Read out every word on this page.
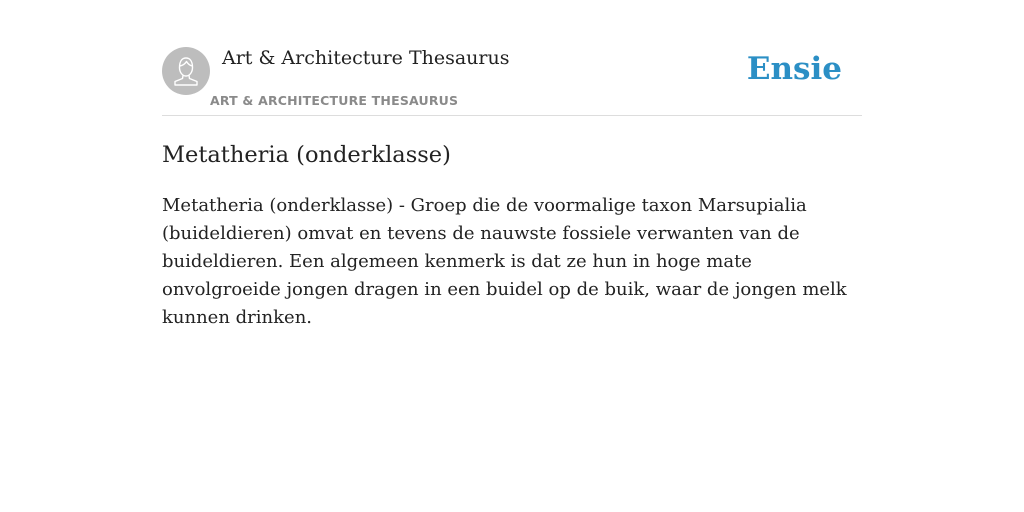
Art & Architecture Thesaurus
ART & ARCHITECTURE THESAURUS
Ensie
Metatheria (onderklasse)

Metatheria (onderklasse) - Groep die de voormalige taxon Marsupialia (buideldieren) omvat en tevens de nauwste fossiele verwanten van de buideldieren. Een algemeen kenmerk is dat ze hun in hoge mate onvolgroeide jongen dragen in een buidel op de buik, waar de jongen melk kunnen drinken.
